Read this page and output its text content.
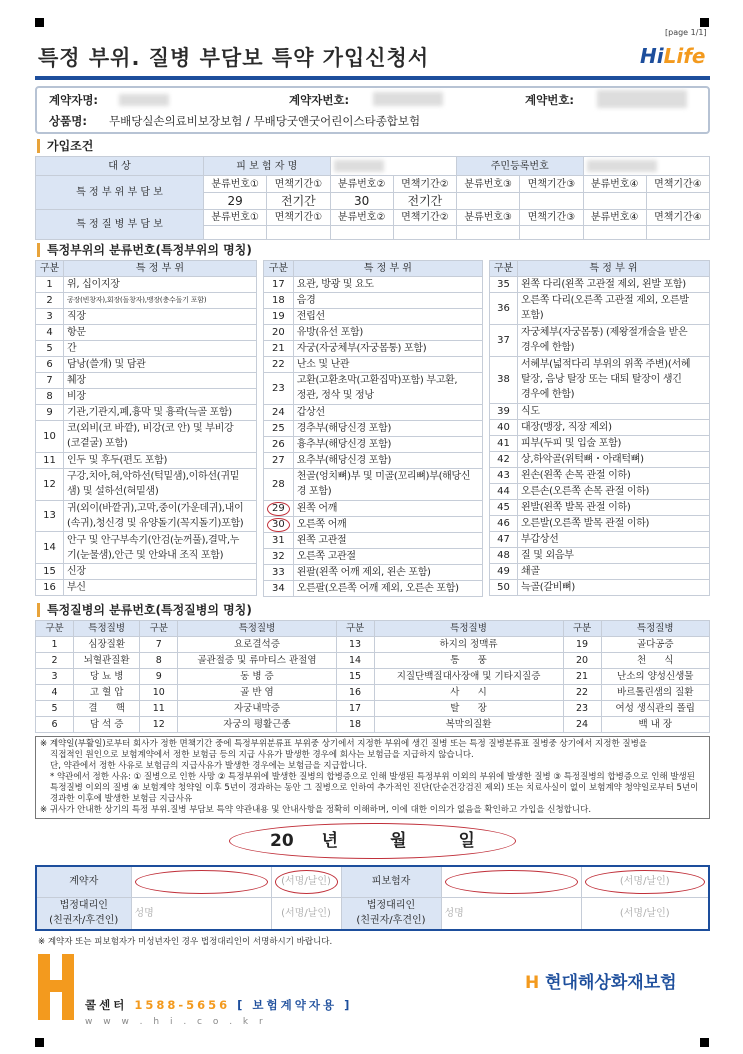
[page 1/1]
특정 부위. 질병 부담보 특약 가입신청서	HiLife
계약자명:	계약자번호:	계약번호:
상품명: 무배당실손의료비보장보험 / 무배당굿앤굿어린이스타종합보험
가입조건
대 상	피 보 험 자 명				주민등록번호			

특 정 부 위 부 담 보	분류번호①	면책기간①	분류번호②	면책기간②	분류번호③	면책기간③	분류번호④	면책기간④
	29	전기간	30	전기간				
특 정 질 병 부 담 보	분류번호①	면책기간①	분류번호②	면책기간②	분류번호③	면책기간③	분류번호④	면책기간④

특정부위의 분류번호(특정부위의 명칭)
구분	특 정 부 위
1	위, 십이지장
2	공장(빈창자),회장(돌창자),맹장(충수돌기 포함)
3	직장
4	항문
5	간
6	담낭(쓸개) 및 담관
7	췌장
8	비장
9	기관,기관지,폐,흉막 및 흉곽(늑골 포함)
10	코(외비(코 바깥), 비강(코 안) 및 부비강
(코곁굴) 포함)
11	인두 및 후두(편도 포함)
12	구강,치아,혀,악하선(턱밑샘),이하선(귀밑
샘) 및 설하선(혀밑샘)
13	귀(외이(바깥귀),고막,중이(가운데귀),내이
(속귀),청신경 및 유양돌기(꼭지돌기)포함)
14	안구 및 안구부속기(안검(눈꺼풀),결막,누
기(눈물샘),안근 및 안와내 조직 포함)
15	신장
16	부신
구분	특 정 부 위
17	요관, 방광 및 요도
18	음경
19	전립선
20	유방(유선 포함)
21	자궁(자궁체부(자궁몸통) 포함)
22	난소 및 난관
23	고환(고환초막(고환집막)포함) 부고환,
정관, 정삭 및 정낭
24	갑상선
25	경추부(해당신경 포함)
26	흉추부(해당신경 포함)
27	요추부(해당신경 포함)
28	천골(엉치뼈)부 및 미골(꼬리뼈)부(해당신
경 포함)
29	왼쪽 어깨
30	오른쪽 어깨
31	왼쪽 고관절
32	오른쪽 고관절
33	왼팔(왼쪽 어깨 제외, 왼손 포함)
34	오른팔(오른쪽 어깨 제외, 오른손 포함)
구분	특 정 부 위
35	왼쪽 다리(왼쪽 고관절 제외, 왼발 포함)
36	오른쪽 다리(오른쪽 고관절 제외, 오른발
포함)
37	자궁체부(자궁몸통) (제왕절개술을 받은
경우에 한함)
38	서혜부(넓적다리 부위의 위쪽 주변)(서혜
탈장, 음낭 탈장 또는 대퇴 탈장이 생긴
경우에 한함)
39	식도
40	대장(맹장, 직장 제외)
41	피부(두피 및 입술 포함)
42	상,하악골(위턱뼈・아래턱뼈)
43	왼손(왼쪽 손목 관절 이하)
44	오른손(오른쪽 손목 관절 이하)
45	왼발(왼쪽 발목 관절 이하)
46	오른발(오른쪽 발목 관절 이하)
47	부갑상선
48	질 및 외음부
49	쇄골
50	늑골(갈비뼈)
특정질병의 분류번호(특정질병의 명칭)
구분	특정질병	구분	특정질병	구분	특정질병	구분	특정질병
1	심장질환	7	요로결석증	13	하지의 정맥류	19	골다공증
2	뇌혈관질환	8	골관절증 및 류마티스 관절염	14	통      풍	20	천      식
3	당 뇨 병	9	동 병 증	15	지질단백질대사장애 및 기타지질증	21	난소의 양성신생물
4	고 혈 압	10	골 반 염	16	사      시	22	바르톨린샘의 질환
5	결      핵	11	자궁내막증	17	탈      장	23	여성 생식관의 폴립
6	담 석 증	12	자궁의 평활근종	18	복막의질환	24	백 내 장

※ 계약일(부활일)로부터 회사가 정한 면책기간 중에 특정부위분류표 부위중 상기에서 지정한 부위에 생긴 질병 또는 특정 질병분류표 질병중 상기에서 지정한 질병을

직접적인 원인으로 보험계약에서 정한 보험금 등의 지급 사유가 발생한 경우에 회사는 보험금을 지급하지 않습니다.

단, 약관에서 정한 사유로 보험금의 지급사유가 발생한 경우에는 보험금을 지급합니다.

* 약관에서 정한 사유: ① 질병으로 인한 사망 ② 특정부위에 발생한 질병의 합병증으로 인해 발생된 특정부위 이외의 부위에 발생한 질병 ③ 특정질병의 합병증으로 인해 발생된 특정질병 이외의 질병 ④ 보험계약 청약일 이후 5년이 경과하는 동안 그 질병으로 인하여 추가적인 진단(단순건강검진 제외) 또는 치료사실이 없이 보험계약 청약일로부터 5년이 경과한 이후에 발생한 보험금 지급사유

※ 귀사가 안내한 상기의 특정 부위.질병 부담보 특약 약관내용 및 안내사항을 정확히 이해하며, 이에 대한 이의가 없음을 확인하고 가입을 신청합니다.

20 년	월	일
계약자		(서명/날인)	피보험자		(서명/날인)

법정대리인
(친권자/후견인)	성명	(서명/날인)	법정대리인
(친권자/후견인)	성명	(서명/날인)
※ 계약자 또는 피보험자가 미성년자인 경우 법정대리인이 서명하시기 바랍니다.
콜센터 1588-5656 [ 보험계약자용 ]
w w w . h i . c o . k r
H 현대해상화재보험
